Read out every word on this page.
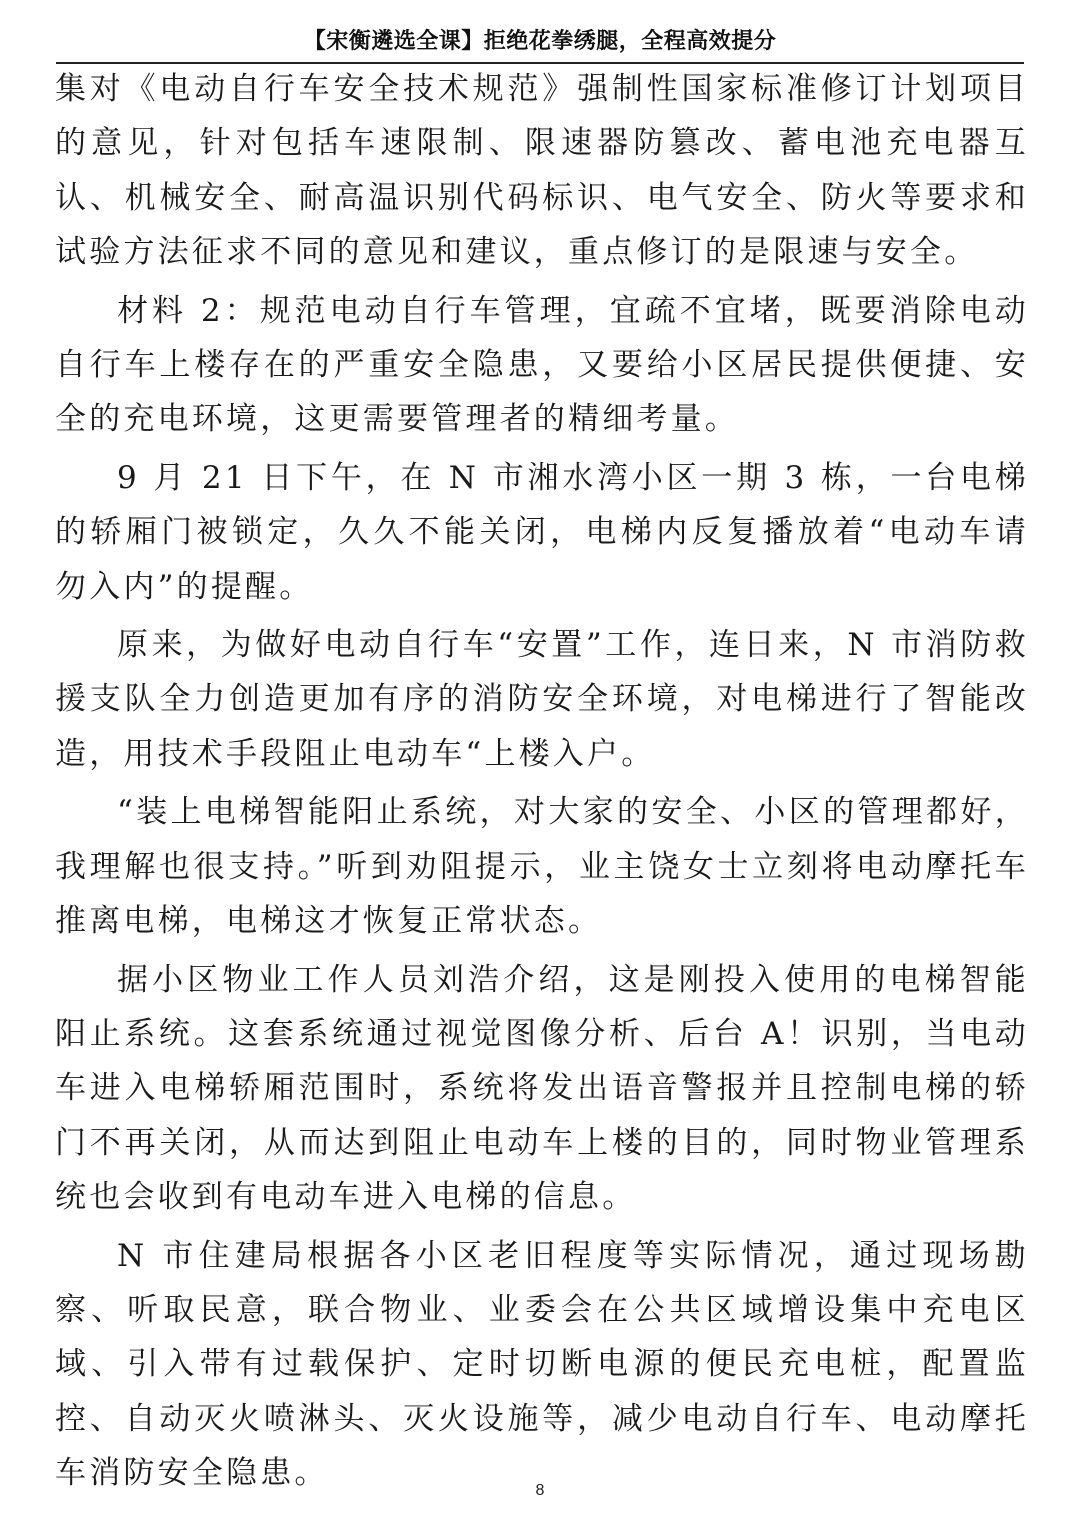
【宋衡遴选全课】拒绝花拳绣腿，全程高效提分

集对《电动自行车安全技术规范》强制性国家标准修订计划项目的意见，针对包括车速限制、限速器防篡改、蓄电池充电器互认、机械安全、耐高温识别代码标识、电气安全、防火等要求和试验方法征求不同的意见和建议，重点修订的是限速与安全。

材料 2：规范电动自行车管理，宜疏不宜堵，既要消除电动自行车上楼存在的严重安全隐患，又要给小区居民提供便捷、安全的充电环境，这更需要管理者的精细考量。

9 月 21 日下午，在 N 市湘水湾小区一期 3 栋，一台电梯的轿厢门被锁定，久久不能关闭，电梯内反复播放着“电动车请勿入内”的提醒。

原来，为做好电动自行车“安置”工作，连日来，N 市消防救援支队全力创造更加有序的消防安全环境，对电梯进行了智能改造，用技术手段阻止电动车“上楼入户。

“装上电梯智能阳止系统，对大家的安全、小区的管理都好，我理解也很支持。”听到劝阻提示，业主饶女士立刻将电动摩托车推离电梯，电梯这才恢复正常状态。

据小区物业工作人员刘浩介绍，这是刚投入使用的电梯智能阳止系统。这套系统通过视觉图像分析、后台 A！识别，当电动车进入电梯轿厢范围时，系统将发出语音警报并且控制电梯的轿门不再关闭，从而达到阻止电动车上楼的目的，同时物业管理系统也会收到有电动车进入电梯的信息。

N 市住建局根据各小区老旧程度等实际情况，通过现场勘察、听取民意，联合物业、业委会在公共区域增设集中充电区域、引入带有过载保护、定时切断电源的便民充电桩，配置监控、自动灭火喷淋头、灭火设施等，减少电动自行车、电动摩托车消防安全隐患。	8
